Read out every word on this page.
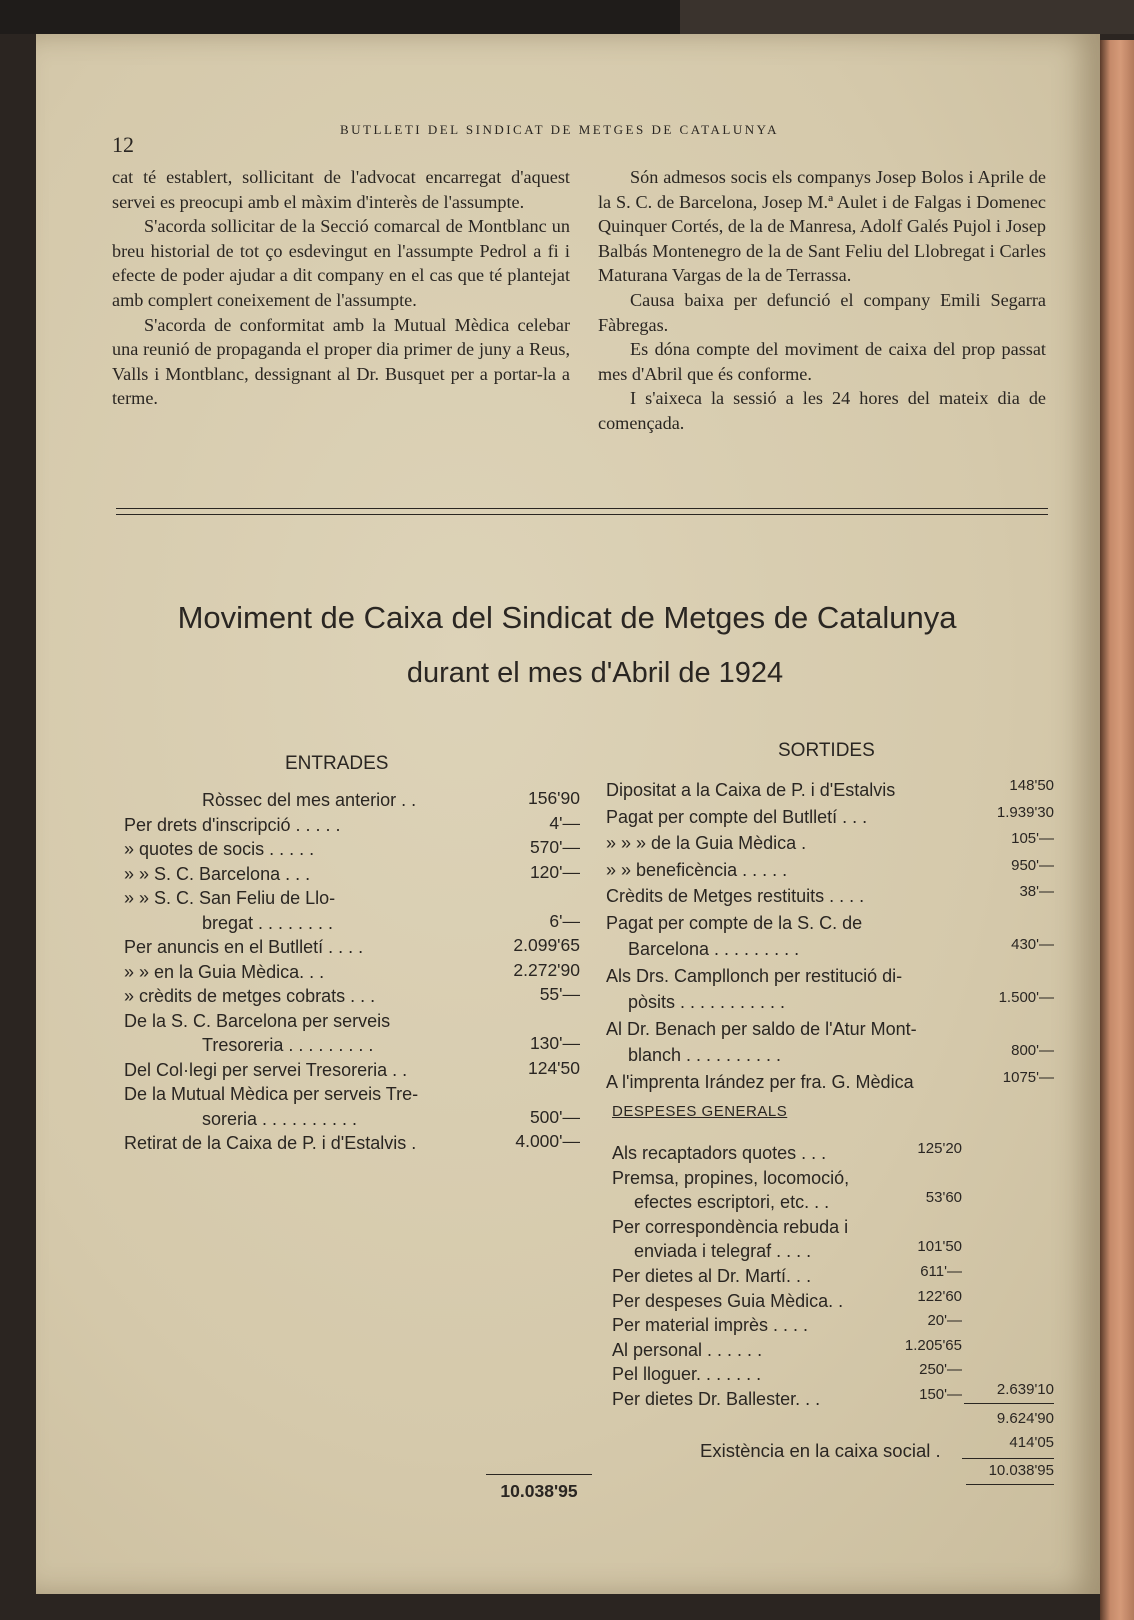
12
BUTLLETI DEL SINDICAT DE METGES DE CATALUNYA

cat té establert, sollicitant de l'advocat encarregat d'aquest servei es preocupi amb el màxim d'interès de l'assumpte.

S'acorda sollicitar de la Secció comarcal de Montblanc un breu historial de tot ço esdevingut en l'assumpte Pedrol a fi i efecte de poder ajudar a dit company en el cas que té plantejat amb complert coneixement de l'assumpte.

S'acorda de conformitat amb la Mutual Mèdica celebar una reunió de propaganda el proper dia primer de juny a Reus, Valls i Montblanc, dessignant al Dr. Busquet per a portar-la a terme.

Són admesos socis els companys Josep Bolos i Aprile de la S. C. de Barcelona, Josep M.ª Aulet i de Falgas i Domenec Quinquer Cortés, de la de Manresa, Adolf Galés Pujol i Josep Balbás Montenegro de la de Sant Feliu del Llobregat i Carles Maturana Vargas de la de Terrassa.

Causa baixa per defunció el company Emili Segarra Fàbregas.

Es dóna compte del moviment de caixa del prop passat mes d'Abril que és conforme.

I s'aixeca la sessió a les 24 hores del mateix dia de començada.

Moviment de Caixa del Sindicat de Metges de Catalunya
durant el mes d'Abril de 1924
ENTRADES
Ròssec del mes anterior . .	156'90
Per drets d'inscripció . . . . .	4'—
» quotes de socis . . . . .	570'—
» » S. C. Barcelona . . .	120'—
» » S. C. San Feliu de Llo-
bregat . . . . . . . .	6'—
Per anuncis en el Butlletí . . . .	2.099'65
» » en la Guia Mèdica. . .	2.272'90
» crèdits de metges cobrats . . .	55'—
De la S. C. Barcelona per serveis
Tresoreria . . . . . . . . .	130'—
Del Col·legi per servei Tresoreria . .	124'50
De la Mutual Mèdica per serveis Tre-
soreria . . . . . . . . . .	500'—
Retirat de la Caixa de P. i d'Estalvis .	4.000'—
10.038'95
SORTIDES
Dipositat a la Caixa de P. i d'Estalvis	148'50
Pagat per compte del Butlletí . . .	1.939'30
» » » de la Guia Mèdica .	105'—
» » beneficència . . . . .	950'—
Crèdits de Metges restituits . . . .	38'—
Pagat per compte de la S. C. de
Barcelona . . . . . . . . .	430'—
Als Drs. Campllonch per restitució di-
pòsits . . . . . . . . . . .	1.500'—
Al Dr. Benach per saldo de l'Atur Mont-
blanch . . . . . . . . . .	800'—
A l'imprenta Irández per fra. G. Mèdica	1075'—
DESPESES GENERALS
Als recaptadors quotes . . .	125'20
Premsa, propines, locomoció,
efectes escriptori, etc. . .	53'60
Per correspondència rebuda i
enviada i telegraf . . . .	101'50
Per dietes al Dr. Martí. . .	611'—
Per despeses Guia Mèdica. .	122'60
Per material imprès . . . .	20'—
Al personal . . . . . .	1.205'65
Pel lloguer. . . . . . .	250'—
Per dietes Dr. Ballester. . .	150'—	2.639'10
9.624'90
Existència en la caixa social .	414'05
10.038'95
